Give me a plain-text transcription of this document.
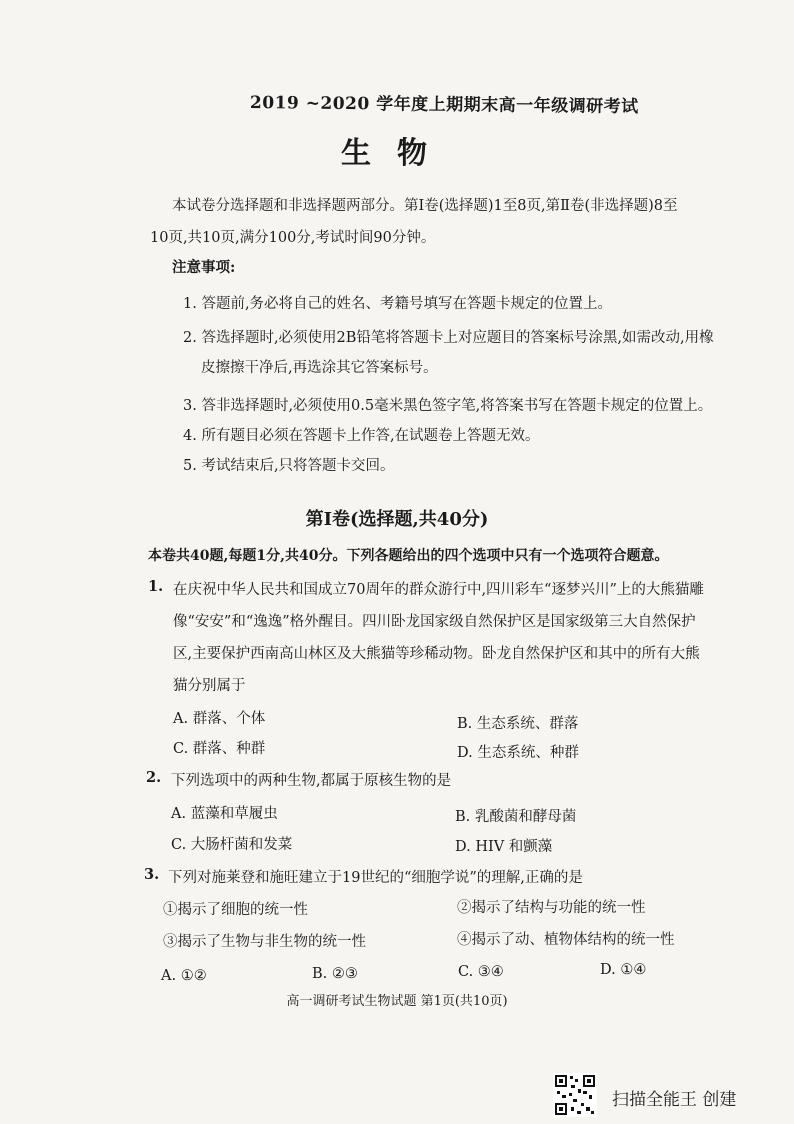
2019 ~2020 学年度上期期末高一年级调研考试
生物

本试卷分选择题和非选择题两部分。第Ⅰ卷(选择题)1至8页,第Ⅱ卷(非选择题)8至

10页,共10页,满分100分,考试时间90分钟。

注意事项:
1. 答题前,务必将自己的姓名、考籍号填写在答题卡规定的位置上。
2. 答选择题时,必须使用2B铅笔将答题卡上对应题目的答案标号涂黑,如需改动,用橡
皮擦擦干净后,再选涂其它答案标号。
3. 答非选择题时,必须使用0.5毫米黑色签字笔,将答案书写在答题卡规定的位置上。
4. 所有题目必须在答题卡上作答,在试题卷上答题无效。
5. 考试结束后,只将答题卡交回。
第Ⅰ卷(选择题,共40分)
本卷共40题,每题1分,共40分。下列各题给出的四个选项中只有一个选项符合题意。
1. 在庆祝中华人民共和国成立70周年的群众游行中,四川彩车“逐梦兴川”上的大熊猫雕
像“安安”和“逸逸”格外醒目。四川卧龙国家级自然保护区是国家级第三大自然保护
区,主要保护西南高山林区及大熊猫等珍稀动物。卧龙自然保护区和其中的所有大熊
猫分别属于
A. 群落、个体	B. 生态系统、群落
C. 群落、种群	D. 生态系统、种群
2. 下列选项中的两种生物,都属于原核生物的是
A. 蓝藻和草履虫	B. 乳酸菌和酵母菌
C. 大肠杆菌和发菜	D. HIV 和颤藻
3. 下列对施莱登和施旺建立于19世纪的“细胞学说”的理解,正确的是
①揭示了细胞的统一性	②揭示了结构与功能的统一性
③揭示了生物与非生物的统一性	④揭示了动、植物体结构的统一性
A. ①②	B. ②③	C. ③④	D. ①④
高一调研考试生物试题 第1页(共10页)
扫描全能王 创建
